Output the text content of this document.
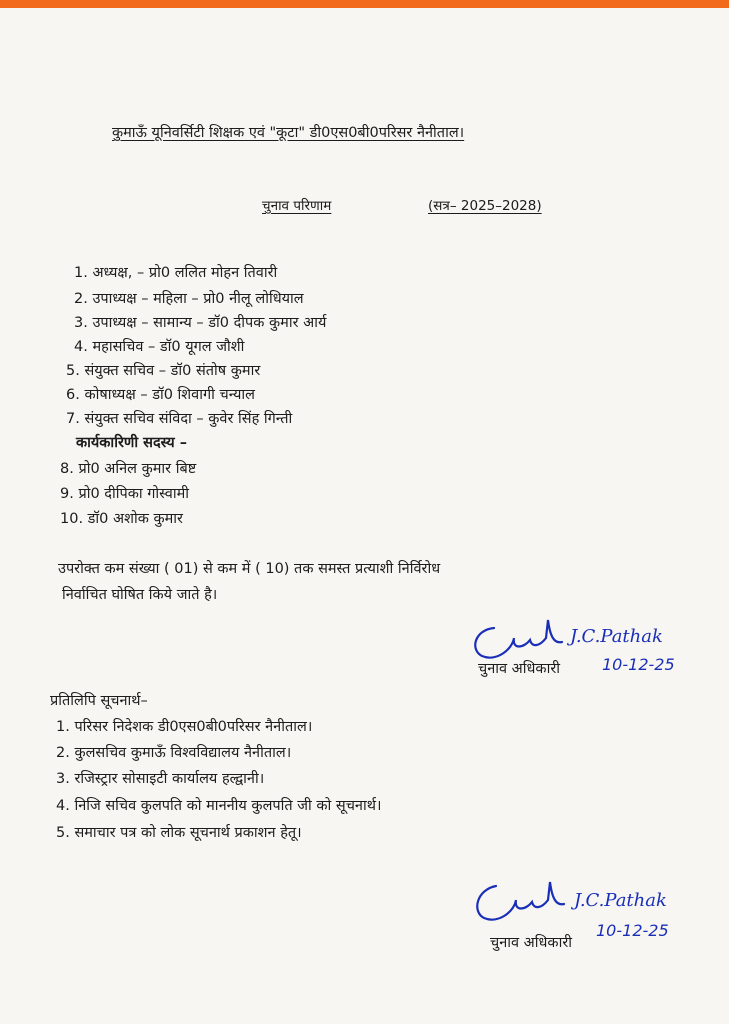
कुमाऊँ यूनिवर्सिटी शिक्षक एवं "कूटा" डी0एस0बी0परिसर नैनीताल।
चुनाव परिणाम	(सत्र– 2025–2028)
1. अध्यक्ष, – प्रो0 ललित मोहन तिवारी
2. उपाध्यक्ष – महिला – प्रो0 नीलू लोधियाल
3. उपाध्यक्ष – सामान्य – डॉ0 दीपक कुमार आर्य
4. महासचिव – डॉ0 यूगल जौशी
5. संयुक्त सचिव – डॉ0 संतोष कुमार
6. कोषाध्यक्ष – डॉ0 शिवागी चन्याल
7. संयुक्त सचिव संविदा – कुवेर सिंह गिन्ती
कार्यकारिणी सदस्य –
8. प्रो0 अनिल कुमार बिष्ट
9. प्रो0 दीपिका गोस्वामी
10. डॉ0 अशोक कुमार
उपरोक्त कम संख्या ( 01) से कम में ( 10) तक समस्त प्रत्याशी निर्विरोध
निर्वाचित घोषित किये जाते है।
J.C.Pathak
10-12-25
चुनाव अधिकारी
प्रतिलिपि सूचनार्थ–
1. परिसर निदेशक डी0एस0बी0परिसर नैनीताल।
2. कुलसचिव कुमाऊँ विश्वविद्यालय नैनीताल।
3. रजिस्ट्रार सोसाइटी कार्यालय हल्द्वानी।
4. निजि सचिव कुलपति को माननीय कुलपति जी को सूचनार्थ।
5. समाचार पत्र को लोक सूचनार्थ प्रकाशन हेतू।
J.C.Pathak
10-12-25
चुनाव अधिकारी
